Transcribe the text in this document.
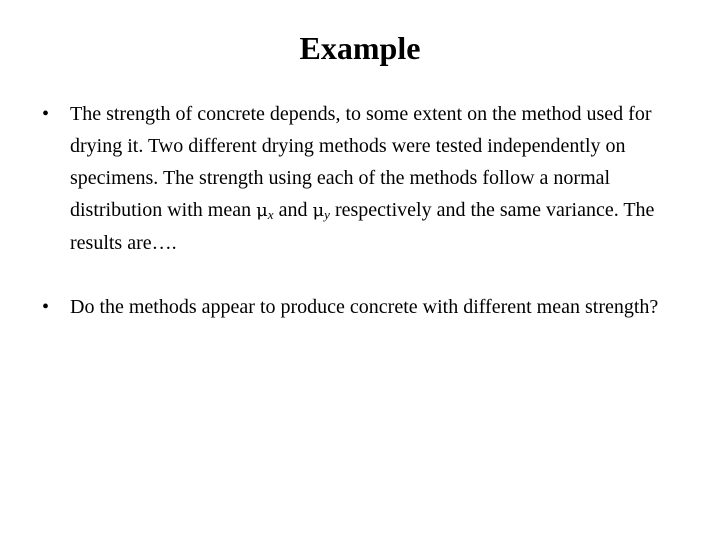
Example
• The strength of concrete depends, to some extent on the method used for drying it. Two different drying methods were tested independently on specimens. The strength using each of the methods follow a normal distribution with mean $\mu_x$ and $\mu_y$ respectively and the same variance. The results are….
• Do the methods appear to produce concrete with different mean strength?
